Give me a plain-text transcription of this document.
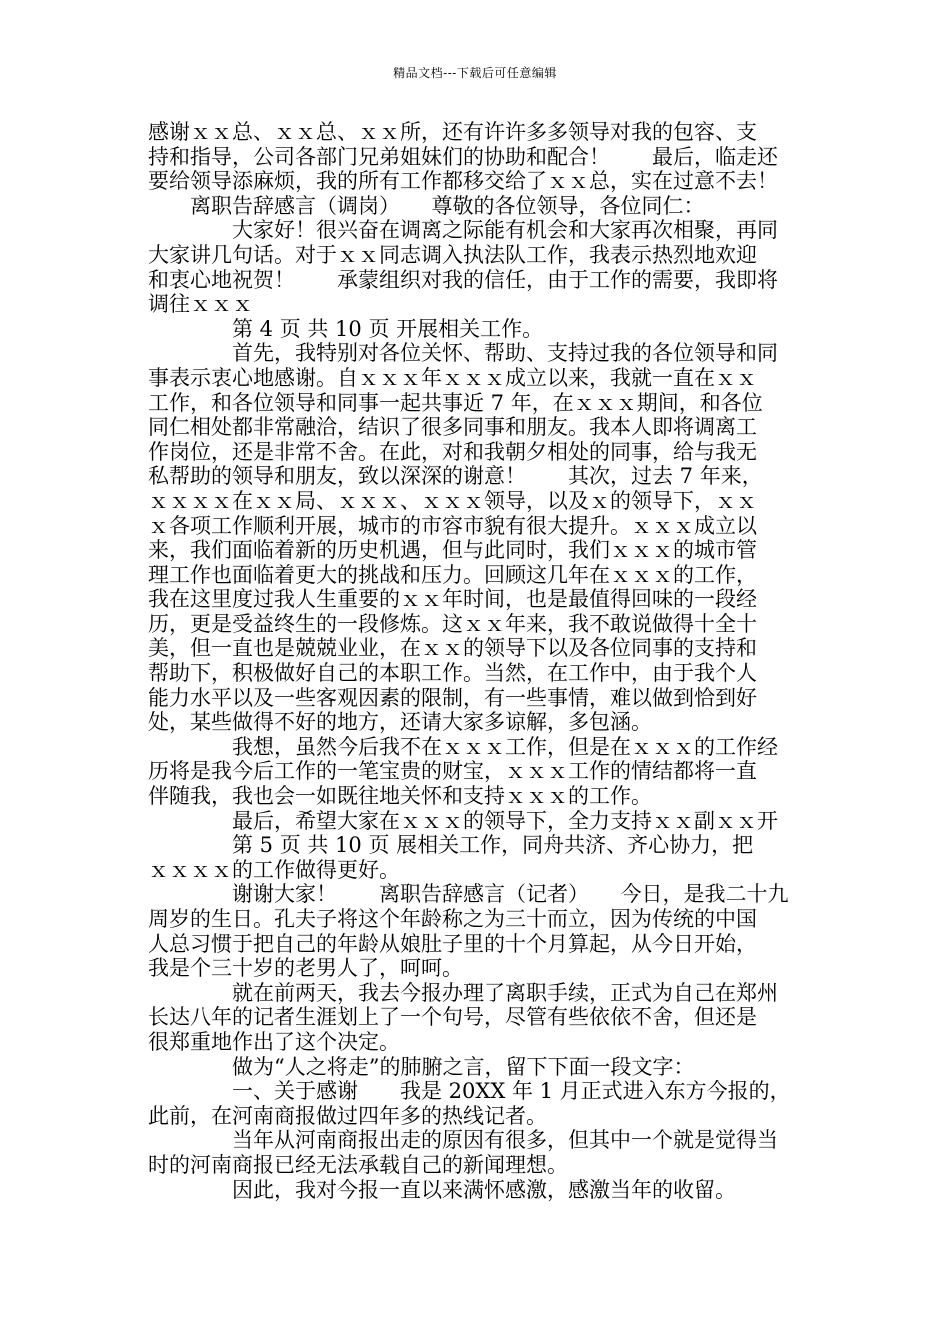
精品文档---下载后可任意编辑
感谢ｘｘ总、ｘｘ总、ｘｘ所，还有许许多多领导对我的包容、支
持和指导，公司各部门兄弟姐妹们的协助和配合！　　最后，临走还
要给领导添麻烦，我的所有工作都移交给了ｘｘ总，实在过意不去！
　　离职告辞感言（调岗）　　尊敬的各位领导，各位同仁：
　　　　大家好！很兴奋在调离之际能有机会和大家再次相聚，再同
大家讲几句话。对于ｘｘ同志调入执法队工作，我表示热烈地欢迎
和衷心地祝贺！　　承蒙组织对我的信任，由于工作的需要，我即将
调往ｘｘｘ
　　　　第 4 页 共 10 页 开展相关工作。
　　　　首先，我特别对各位关怀、帮助、支持过我的各位领导和同
事表示衷心地感谢。自ｘｘｘ年ｘｘｘ成立以来，我就一直在ｘｘ
工作，和各位领导和同事一起共事近 7 年，在ｘｘｘ期间，和各位
同仁相处都非常融洽，结识了很多同事和朋友。我本人即将调离工
作岗位，还是非常不舍。在此，对和我朝夕相处的同事，给与我无
私帮助的领导和朋友，致以深深的谢意！　　其次，过去 7 年来，
ｘｘｘｘ在ｘｘ局、ｘｘｘ、ｘｘｘ领导，以及ｘ的领导下，ｘｘ
ｘ各项工作顺利开展，城市的市容市貌有很大提升。ｘｘｘ成立以
来，我们面临着新的历史机遇，但与此同时，我们ｘｘｘ的城市管
理工作也面临着更大的挑战和压力。回顾这几年在ｘｘｘ的工作，
我在这里度过我人生重要的ｘｘ年时间，也是最值得回味的一段经
历，更是受益终生的一段修炼。这ｘｘ年来，我不敢说做得十全十
美，但一直也是兢兢业业，在ｘｘ的领导下以及各位同事的支持和
帮助下，积极做好自己的本职工作。当然，在工作中，由于我个人
能力水平以及一些客观因素的限制，有一些事情，难以做到恰到好
处，某些做得不好的地方，还请大家多谅解，多包涵。
　　　　我想，虽然今后我不在ｘｘｘ工作，但是在ｘｘｘ的工作经
历将是我今后工作的一笔宝贵的财宝，ｘｘｘ工作的情结都将一直
伴随我，我也会一如既往地关怀和支持ｘｘｘ的工作。
　　　　最后，希望大家在ｘｘｘ的领导下，全力支持ｘｘ副ｘｘ开
　　　　第 5 页 共 10 页 展相关工作，同舟共济、齐心协力，把
ｘｘｘｘ的工作做得更好。
　　　　谢谢大家！　　离职告辞感言（记者）　　今日，是我二十九
周岁的生日。孔夫子将这个年龄称之为三十而立，因为传统的中国
人总习惯于把自己的年龄从娘肚子里的十个月算起，从今日开始，
我是个三十岁的老男人了，呵呵。
　　　　就在前两天，我去今报办理了离职手续，正式为自己在郑州
长达八年的记者生涯划上了一个句号，尽管有些依依不舍，但还是
很郑重地作出了这个决定。
　　　　做为“人之将走”的肺腑之言，留下下面一段文字：
　　　　一、关于感谢　　我是 20XX 年 1 月正式进入东方今报的，
此前，在河南商报做过四年多的热线记者。
　　　　当年从河南商报出走的原因有很多，但其中一个就是觉得当
时的河南商报已经无法承载自己的新闻理想。
　　　　因此，我对今报一直以来满怀感激，感激当年的收留。
